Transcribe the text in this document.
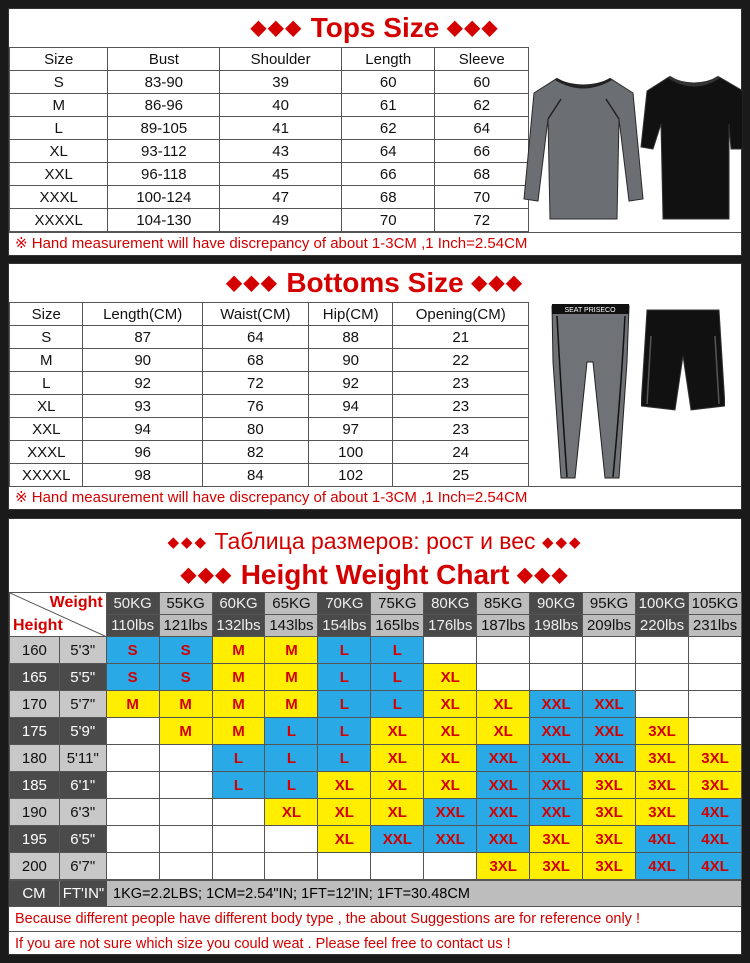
◆◆◆ Tops Size ◆◆◆
Size	Bust	Shoulder	Length	Sleeve
S	83-90	39	60	60
M	86-96	40	61	62
L	89-105	41	62	64
XL	93-112	43	64	66
XXL	96-118	45	66	68
XXXL	100-124	47	68	70
XXXXL	104-130	49	70	72
※ Hand measurement will have discrepancy of about 1-3CM ,1 Inch=2.54CM
◆◆◆ Bottoms Size ◆◆◆
Size	Length(CM)	Waist(CM)	Hip(CM)	Opening(CM)
S	87	64	88	21
M	90	68	90	22
L	92	72	92	23
XL	93	76	94	23
XXL	94	80	97	23
XXXL	96	82	100	24
XXXXL	98	84	102	25
※ Hand measurement will have discrepancy of about 1-3CM ,1 Inch=2.54CM
SEAT PRISECO
◆◆◆ Таблица размеров: рост и вес ◆◆◆
◆◆◆ Height Weight Chart ◆◆◆
Weight
Height		50KG	55KG	60KG	65KG	70KG	75KG	80KG	85KG	90KG	95KG	100KG	105KG
		110lbs	121lbs	132lbs	143lbs	154lbs	165lbs	176lbs	187lbs	198lbs	209lbs	220lbs	231lbs
160	5'3"	S	S	M	M	L	L						
165	5'5"	S	S	M	M	L	L	XL					
170	5'7"	M	M	M	M	L	L	XL	XL	XXL	XXL		
175	5'9"		M	M	L	L	XL	XL	XL	XXL	XXL	3XL	
180	5'11"			L	L	L	XL	XL	XXL	XXL	XXL	3XL	3XL
185	6'1"			L	L	XL	XL	XL	XXL	XXL	3XL	3XL	3XL
190	6'3"				XL	XL	XL	XXL	XXL	XXL	3XL	3XL	4XL
195	6'5"					XL	XXL	XXL	XXL	3XL	3XL	4XL	4XL
200	6'7"								3XL	3XL	3XL	4XL	4XL
CM	FT'IN" 1KG=2.2LBS; 1CM=2.54"IN; 1FT=12'IN; 1FT=30.48CM
Because different people have different body type , the about Suggestions are for reference only !
If you are not sure which size you could weat . Please feel free to contact us !
